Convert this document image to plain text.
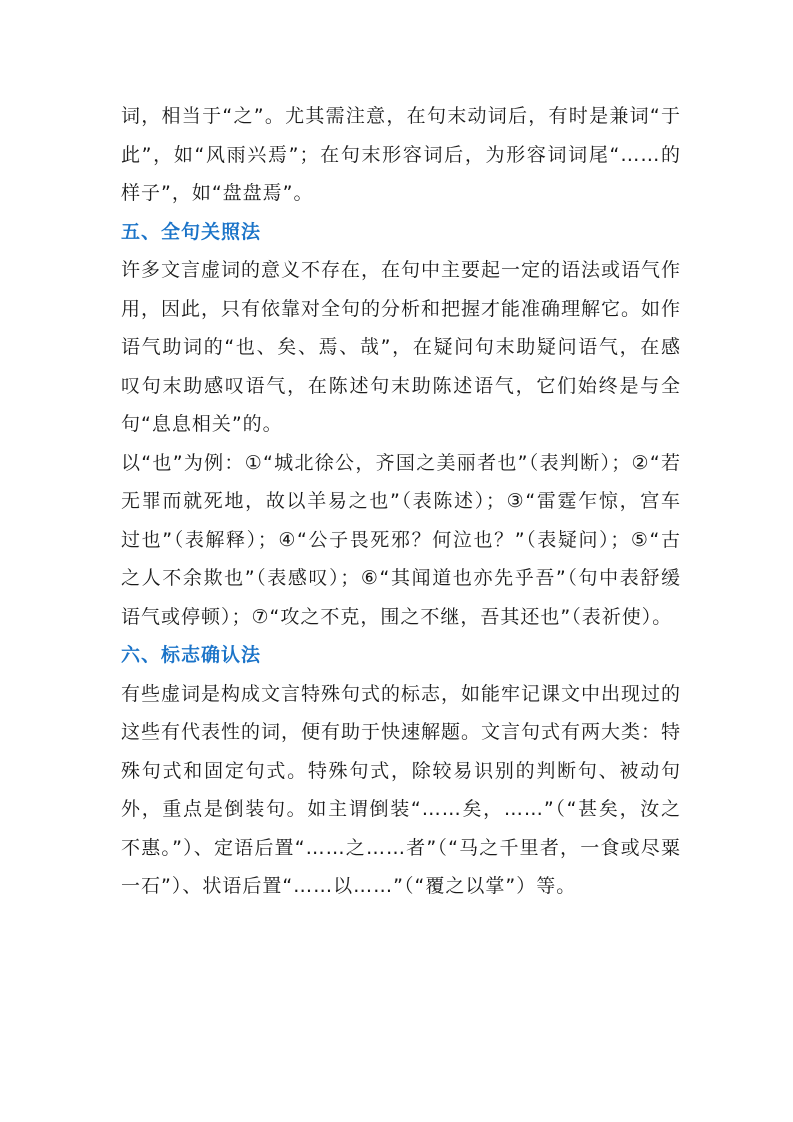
词，相当于“之”。尤其需注意，在句末动词后，有时是兼词“于此”，如“风雨兴焉”；在句末形容词后，为形容词词尾“……的样子”，如“盘盘焉”。

五、全句关照法

许多文言虚词的意义不存在，在句中主要起一定的语法或语气作用，因此，只有依靠对全句的分析和把握才能准确理解它。如作语气助词的“也、矣、焉、哉”，在疑问句末助疑问语气，在感叹句末助感叹语气，在陈述句末助陈述语气，它们始终是与全句“息息相关”的。

以“也”为例：①“城北徐公，齐国之美丽者也”（表判断）；②“若无罪而就死地，故以羊易之也”（表陈述）；③“雷霆乍惊，宫车过也”（表解释）；④“公子畏死邪？何泣也？”（表疑问）；⑤“古之人不余欺也”（表感叹）；⑥“其闻道也亦先乎吾”（句中表舒缓语气或停顿）；⑦“攻之不克，围之不继，吾其还也”（表祈使）。

六、标志确认法

有些虚词是构成文言特殊句式的标志，如能牢记课文中出现过的这些有代表性的词，便有助于快速解题。文言句式有两大类：特殊句式和固定句式。特殊句式，除较易识别的判断句、被动句外，重点是倒装句。如主谓倒装“……矣，……”（“甚矣，汝之不惠。”）、定语后置“……之……者”（“马之千里者，一食或尽粟一石”）、状语后置“……以……”（“覆之以掌”）等。
